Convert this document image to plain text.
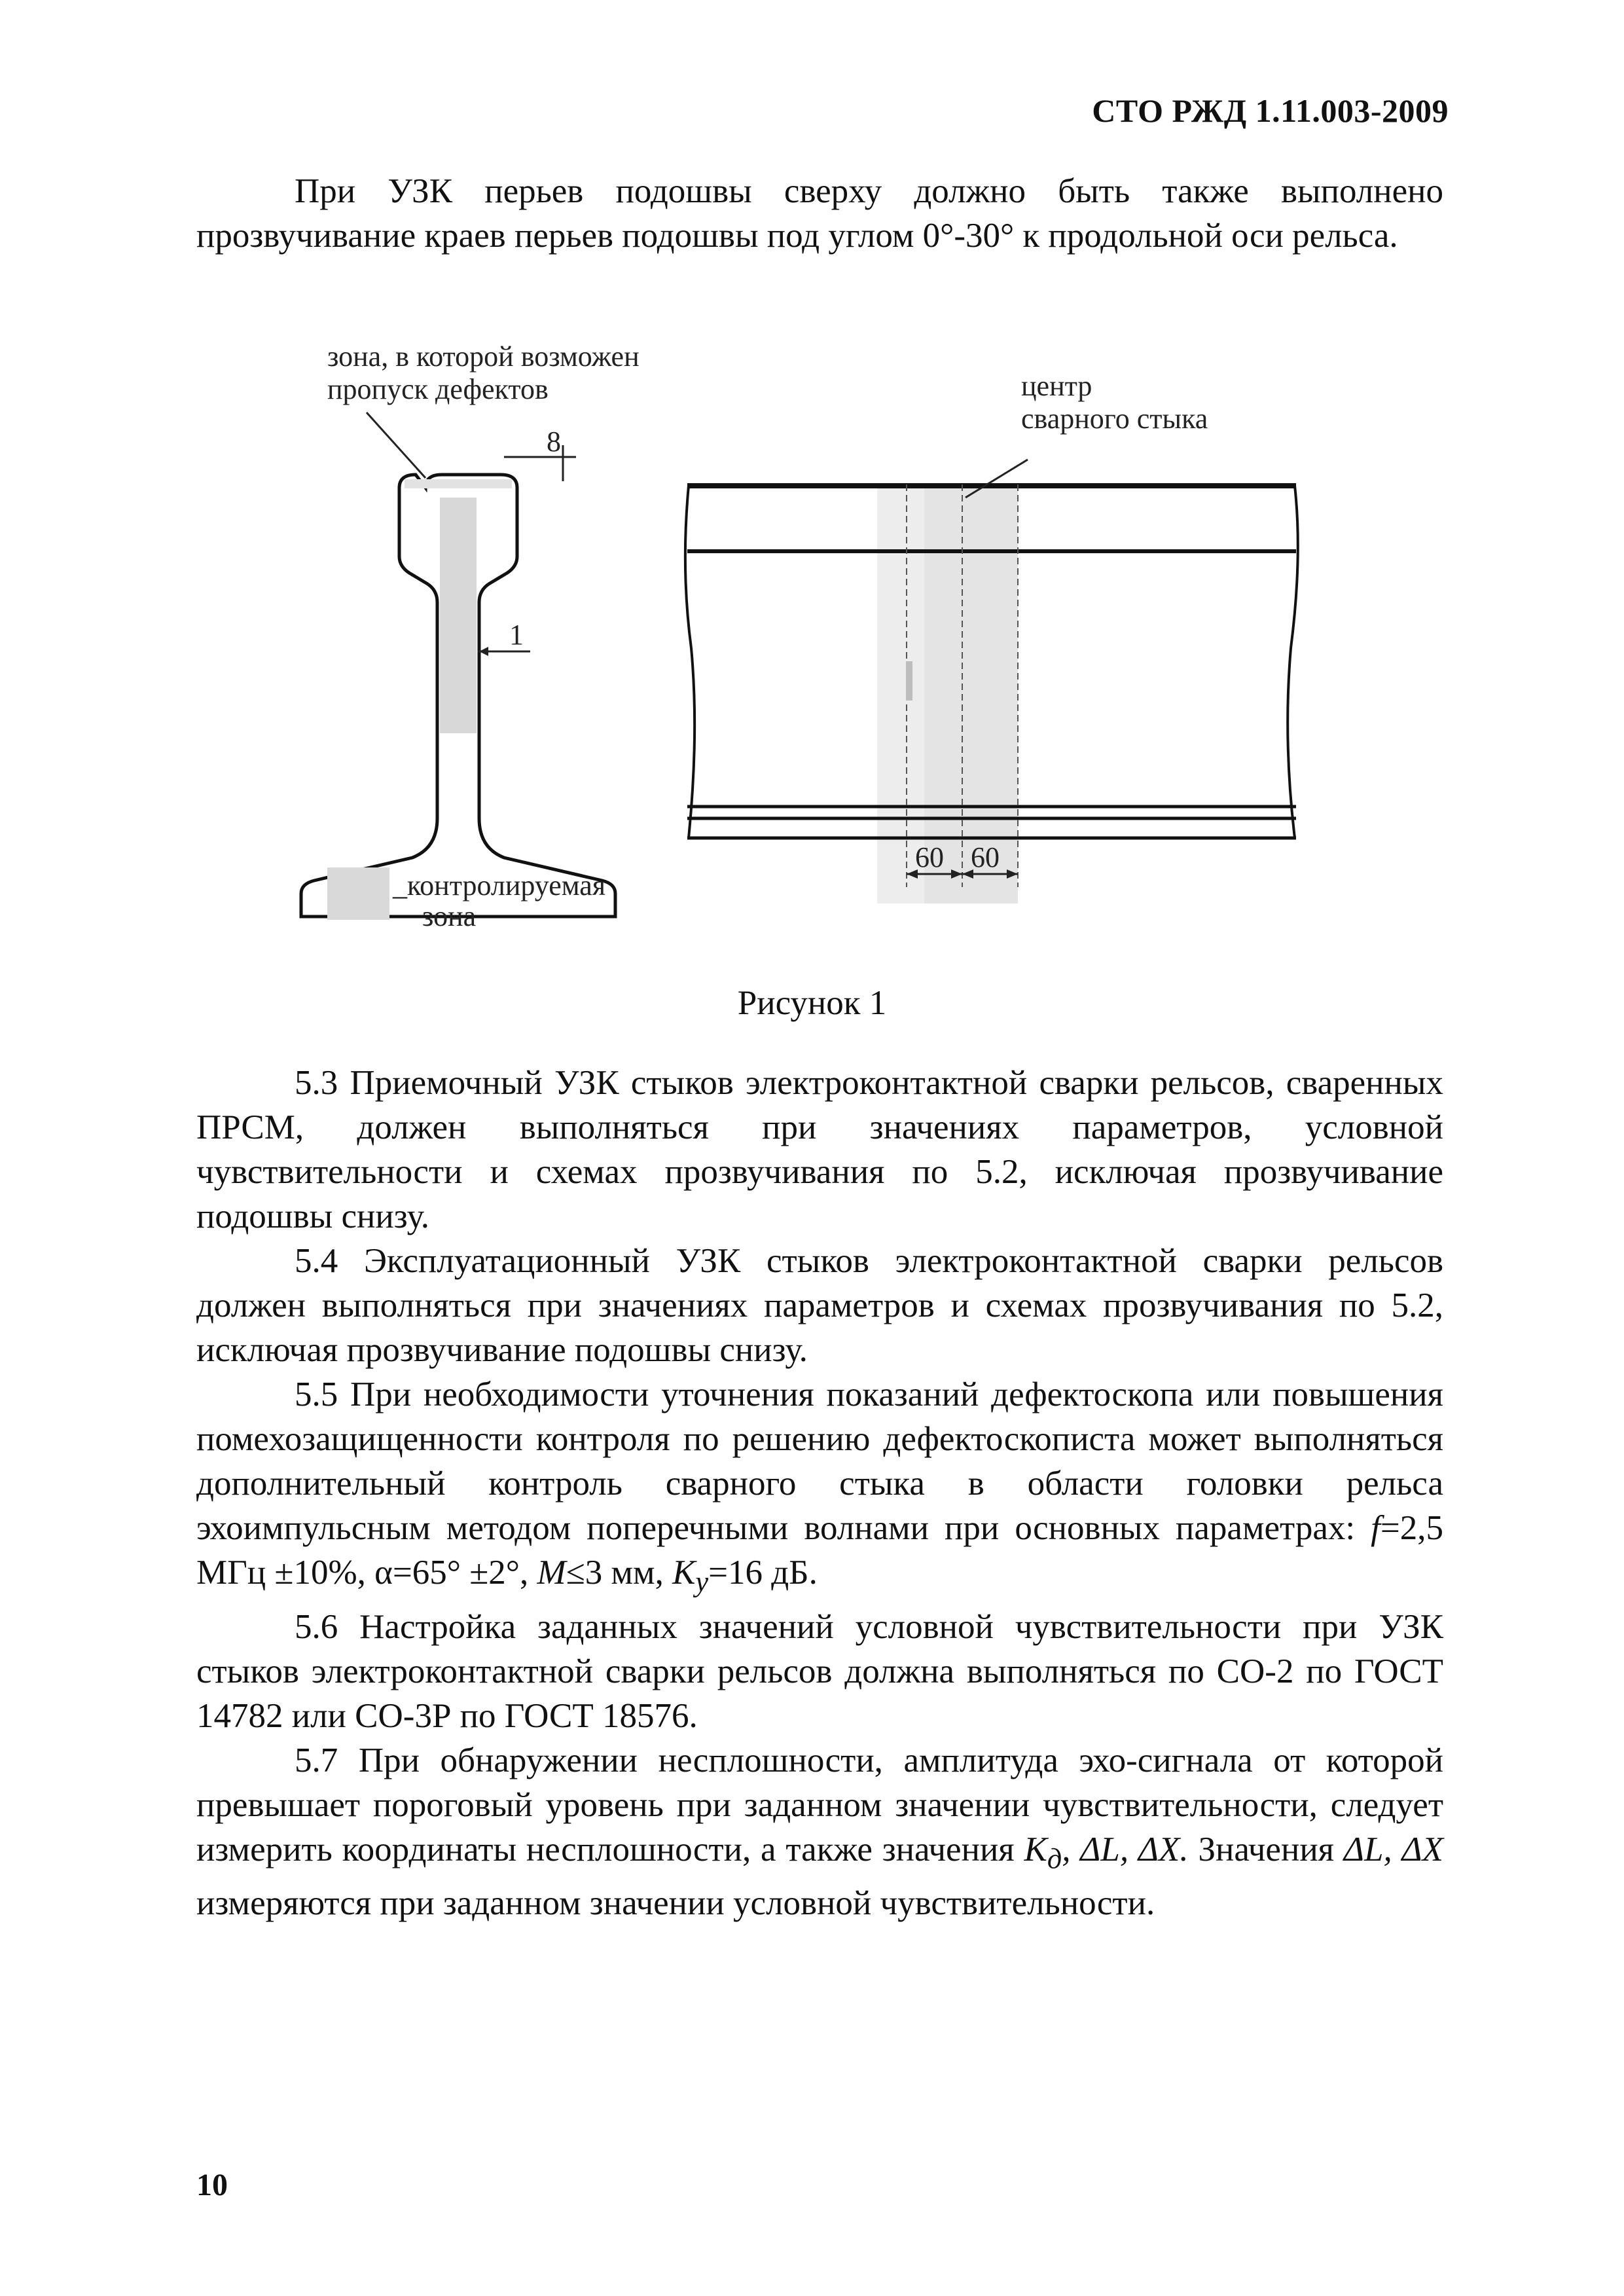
СТО РЖД 1.11.003-2009

При УЗК перьев подошвы сверху должно быть также выполнено прозвучивание краев перьев подошвы под углом 0°-30° к продольной оси рельса.

зона, в которой возможен
пропуск дефектов
8
1
центр
сварного стыка
60 60
_контролируемая
зона
Рисунок 1

5.3 Приемочный УЗК стыков электроконтактной сварки рельсов, сваренных ПРСМ, должен выполняться при значениях параметров, условной чувствительности и схемах прозвучивания по 5.2, исключая прозвучивание подошвы снизу.

5.4 Эксплуатационный УЗК стыков электроконтактной сварки рельсов должен выполняться при значениях параметров и схемах прозвучивания по 5.2, исключая прозвучивание подошвы снизу.

5.5 При необходимости уточнения показаний дефектоскопа или повышения помехозащищенности контроля по решению дефектоскописта может выполняться дополнительный контроль сварного стыка в области головки рельса эхоимпульсным методом поперечными волнами при основных параметрах: f=2,5 МГц ±10%, α=65° ±2°, M≤3 мм, $K_y=16$ дБ.

5.6 Настройка заданных значений условной чувствительности при УЗК стыков электроконтактной сварки рельсов должна выполняться по СО-2 по ГОСТ 14782 или СО-3Р по ГОСТ 18576.

5.7 При обнаружении несплошности, амплитуда эхо-сигнала от которой превышает пороговый уровень при заданном значении чувствительности, следует измерить координаты несплошности, а также значения $K_д$, ΔL, ΔX. Значения ΔL, ΔX измеряются при заданном значении условной чувствительности.

10
